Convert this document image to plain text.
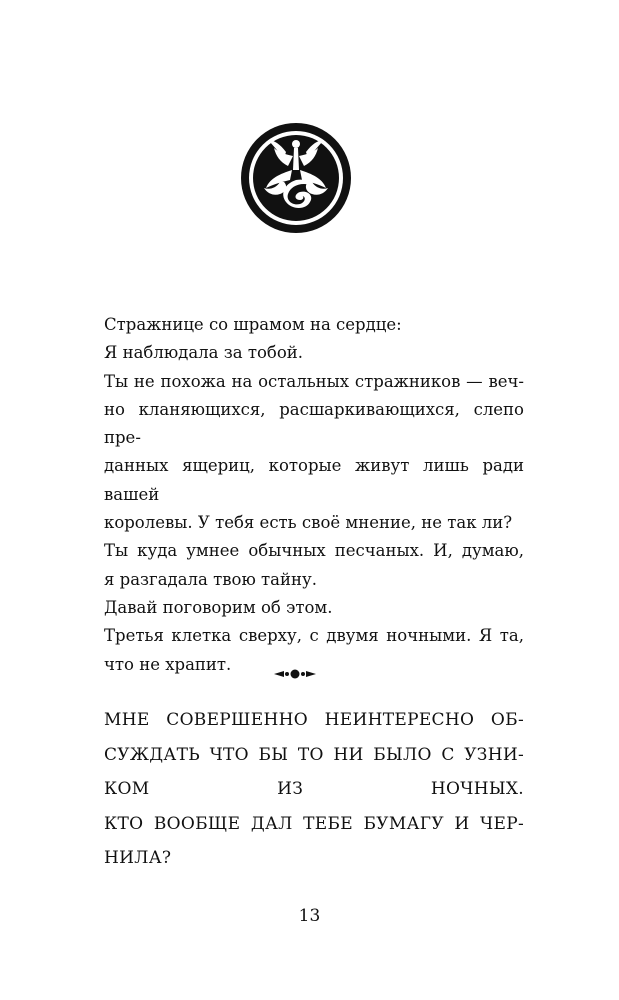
Стражнице со шрамом на сердце:
Я наблюдала за тобой.
Ты не похожа на остальных стражников — веч-
но кланяющихся, расшаркивающихся, слепо пре-
данных ящериц, которые живут лишь ради вашей
королевы. У тебя есть своё мнение, не так ли?
Ты куда умнее обычных песчаных. И, думаю,
я разгадала твою тайну.
Давай поговорим об этом.
Третья клетка сверху, с двумя ночными. Я та,
что не храпит.
МНЕ СОВЕРШЕННО НЕИНТЕРЕСНО ОБ-
СУЖДАТЬ ЧТО БЫ ТО НИ БЫЛО С УЗНИ-
КОМ ИЗ НОЧНЫХ.
КТО ВООБЩЕ ДАЛ ТЕБЕ БУМАГУ И ЧЕР-
НИЛА?
13
